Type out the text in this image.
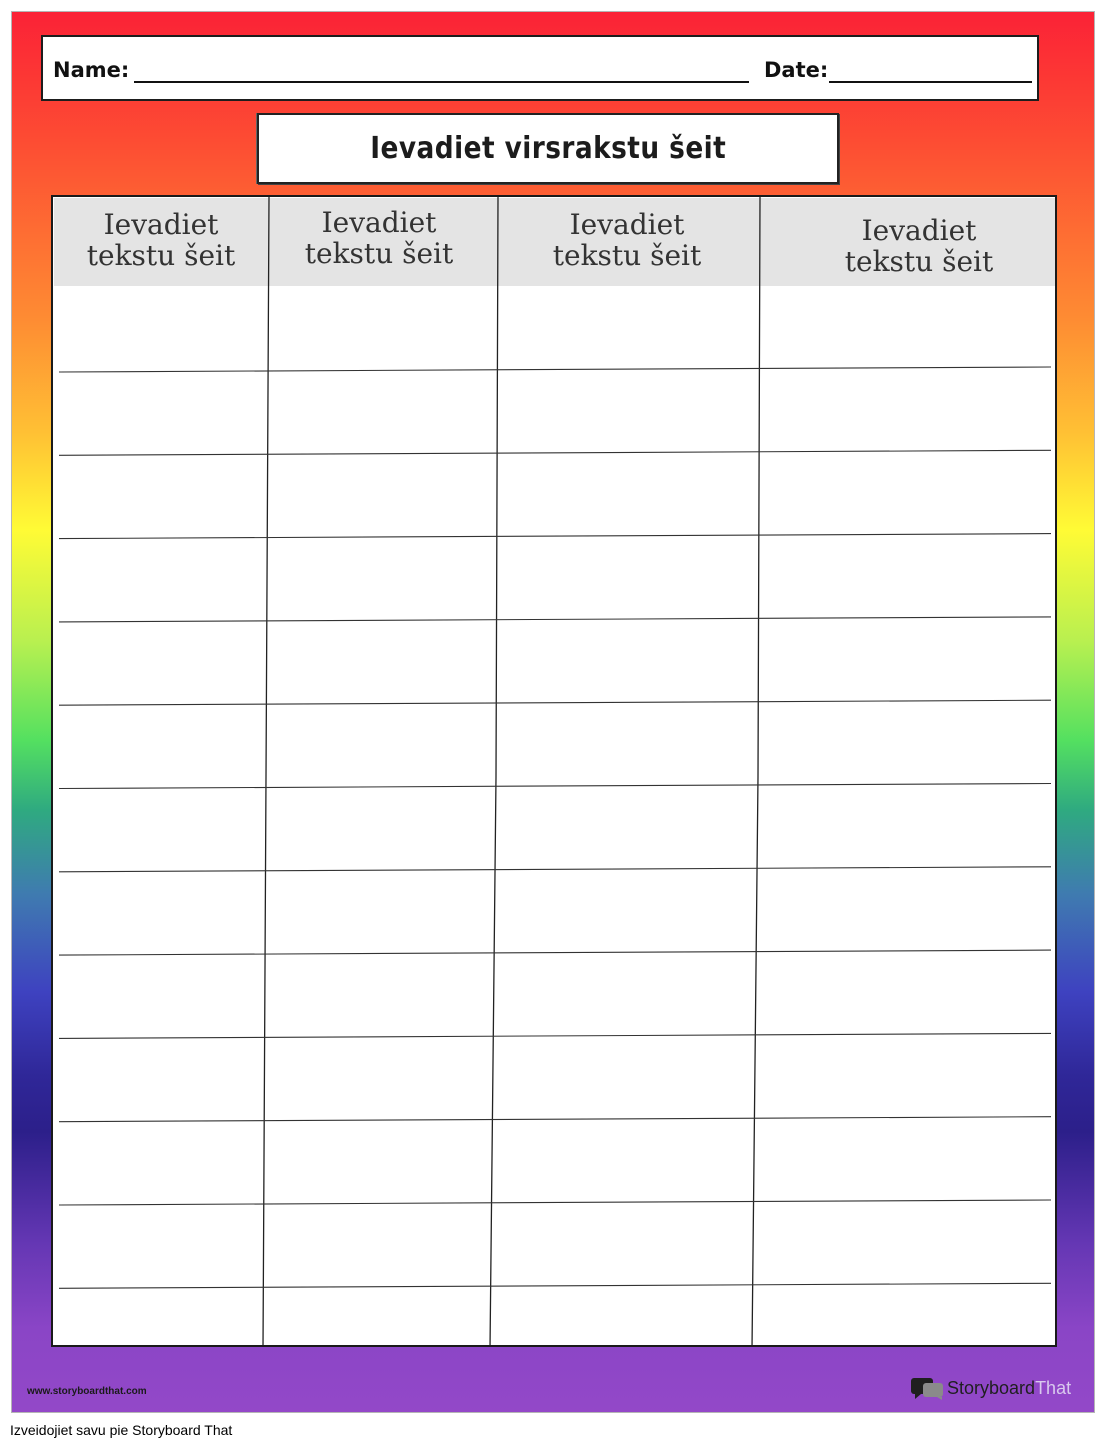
Name:	Date:
Ievadiet virsrakstu šeit
Ievadiet
tekstu šeit
Ievadiet
tekstu šeit
Ievadiet
tekstu šeit
Ievadiet
tekstu šeit
www.storyboardthat.com	Storyboard That
Izveidojiet savu pie Storyboard That
